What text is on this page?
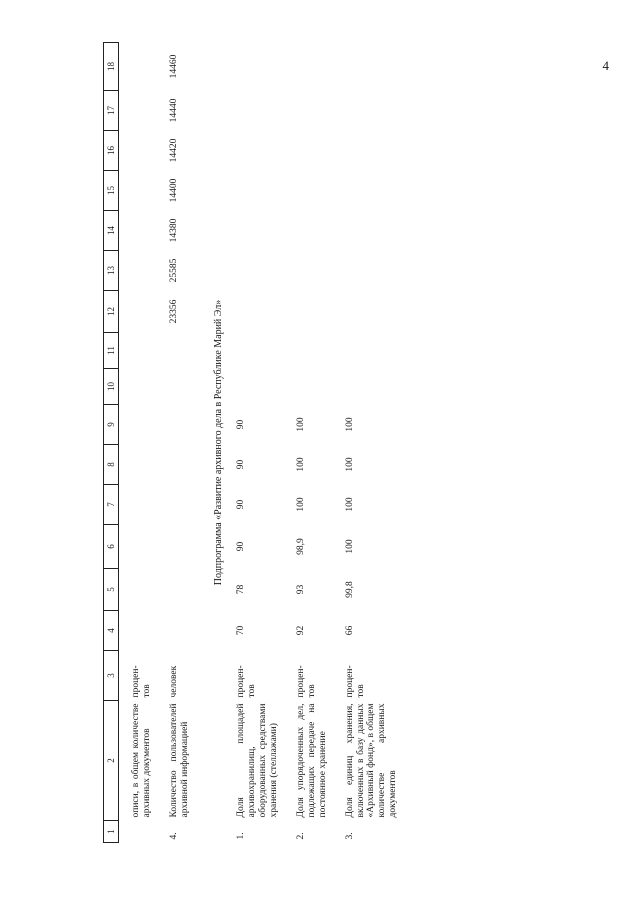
4
1	2	3	4	5	6	7	8	9	10	11	12	13	14	15	16	17	18

	описи, в общем количестве архивных документов	процен-тов															
4.	Количество пользователей архивной информацией	человек									23356	25585	14380	14400	14420	14440	14460
Подпрограмма «Развитие архивного дела в Республике Марий Эл»																	
1.	Доля площадей архивохранилищ, оборудованных средствами хранения (стеллажами)	процен-тов	70	78	90	90	90	90									
2.	Доля упорядоченных дел, подлежащих передаче на постоянное хранение	процен-тов	92	93	98,9	100	100	100									
3.	Доля единиц хранения, включенных в базу данных «Архивный фонд», в общем количестве архивных документов	процен-тов	66	99,8	100	100	100	100									
